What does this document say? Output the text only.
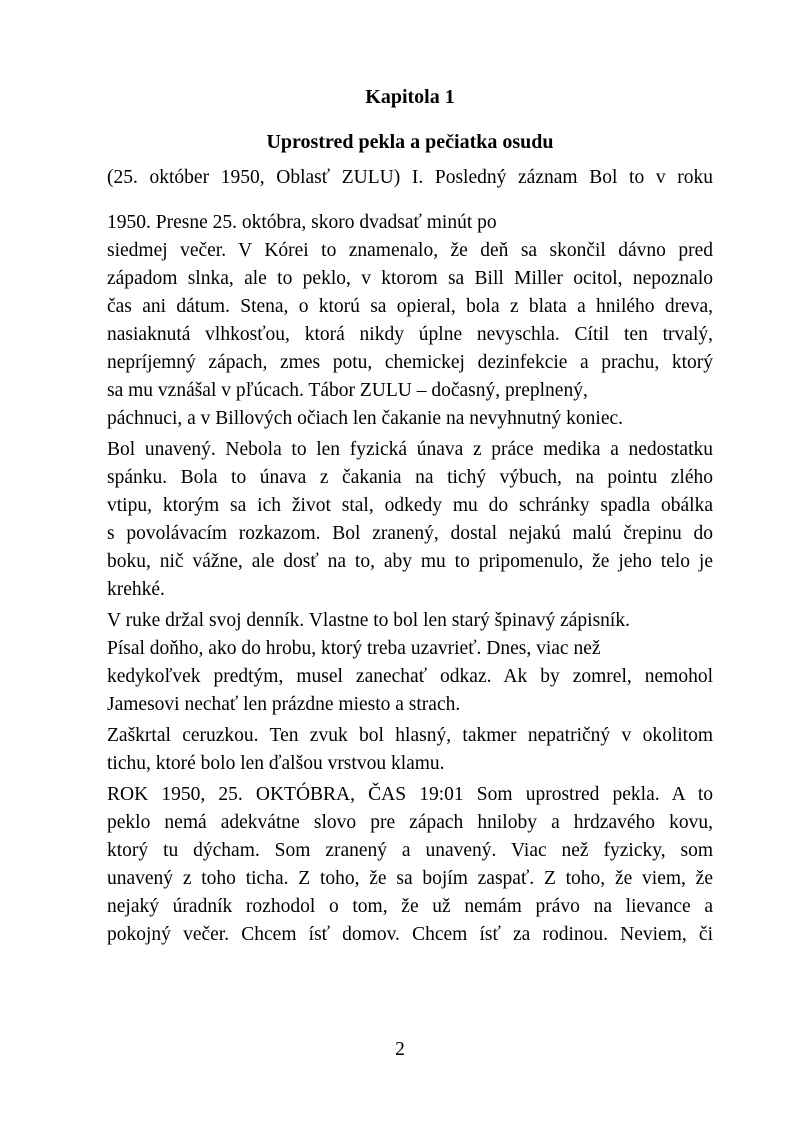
Kapitola 1
Uprostred pekla a pečiatka osudu
(25. október 1950, Oblasť ZULU) I. Posledný záznam Bol to v roku
1950. Presne 25. októbra, skoro dvadsať minút po
siedmej večer. V Kórei to znamenalo, že deň sa skončil dávno pred
západom slnka, ale to peklo, v ktorom sa Bill Miller ocitol, nepoznalo
čas ani dátum. Stena, o ktorú sa opieral, bola z blata a hnilého dreva,
nasiaknutá vlhkosťou, ktorá nikdy úplne nevyschla. Cítil ten trvalý,
nepríjemný zápach, zmes potu, chemickej dezinfekcie a prachu, ktorý
sa mu vznášal v pľúcach. Tábor ZULU – dočasný, preplnený,
páchnuci, a v Billových očiach len čakanie na nevyhnutný koniec.
Bol unavený. Nebola to len fyzická únava z práce medika a nedostatku
spánku. Bola to únava z čakania na tichý výbuch, na pointu zlého
vtipu, ktorým sa ich život stal, odkedy mu do schránky spadla obálka
s povolávacím rozkazom. Bol zranený, dostal nejakú malú črepinu do
boku, nič vážne, ale dosť na to, aby mu to pripomenulo, že jeho telo je
krehké.
V ruke držal svoj denník. Vlastne to bol len starý špinavý zápisník.
Písal doňho, ako do hrobu, ktorý treba uzavrieť. Dnes, viac než
kedykoľvek predtým, musel zanechať odkaz. Ak by zomrel, nemohol
Jamesovi nechať len prázdne miesto a strach.
Zaškrtal ceruzkou. Ten zvuk bol hlasný, takmer nepatričný v okolitom
tichu, ktoré bolo len ďalšou vrstvou klamu.
ROK 1950, 25. OKTÓBRA, ČAS 19:01 Som uprostred pekla. A to
peklo nemá adekvátne slovo pre zápach hniloby a hrdzavého kovu,
ktorý tu dýcham. Som zranený a unavený. Viac než fyzicky, som
unavený z toho ticha. Z toho, že sa bojím zaspať. Z toho, že viem, že
nejaký úradník rozhodol o tom, že už nemám právo na lievance a
pokojný večer. Chcem ísť domov. Chcem ísť za rodinou. Neviem, či
2
